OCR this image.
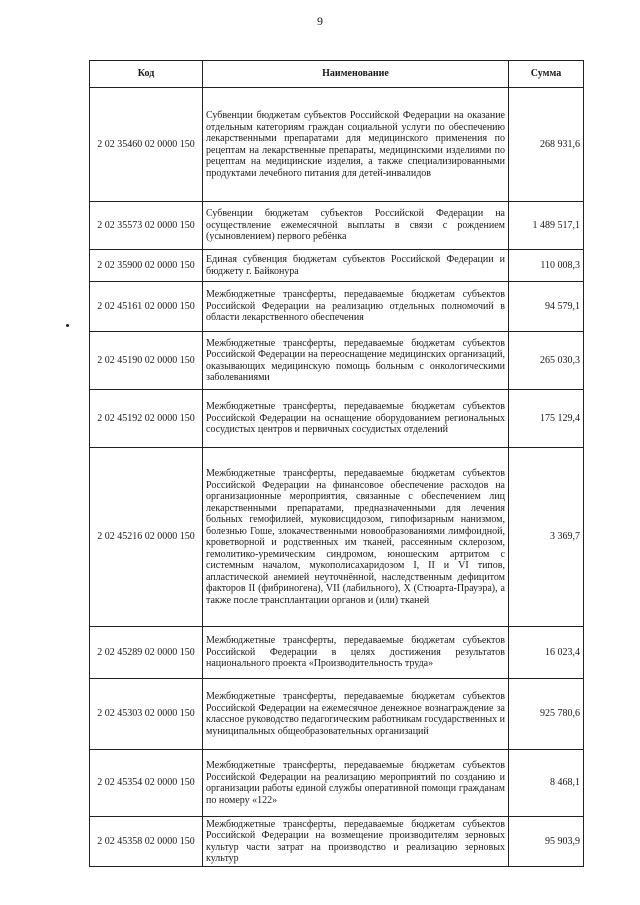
9
Код	Наименование	Сумма
2 02 35460 02 0000 150	Субвенции бюджетам субъектов Российской Федерации на оказание отдельным категориям граждан социальной услуги по обеспечению лекарственными препаратами для медицинского применения по рецептам на лекарственные препараты, медицинскими изделиями по рецептам на медицинские изделия, а также специализированными продуктами лечебного питания для детей-инвалидов	268 931,6
2 02 35573 02 0000 150	Субвенции бюджетам субъектов Российской Федерации на осуществление ежемесячной выплаты в связи с рождением (усыновлением) первого ребёнка	1 489 517,1
2 02 35900 02 0000 150	Единая субвенция бюджетам субъектов Российской Федерации и бюджету г. Байконура	110 008,3
2 02 45161 02 0000 150	Межбюджетные трансферты, передаваемые бюджетам субъектов Российской Федерации на реализацию отдельных полномочий в области лекарственного обеспечения	94 579,1
2 02 45190 02 0000 150	Межбюджетные трансферты, передаваемые бюджетам субъектов Российской Федерации на переоснащение медицинских организаций, оказывающих медицинскую помощь больным с онкологическими заболеваниями	265 030,3
2 02 45192 02 0000 150	Межбюджетные трансферты, передаваемые бюджетам субъектов Российской Федерации на оснащение оборудованием региональных сосудистых центров и первичных сосудистых отделений	175 129,4
2 02 45216 02 0000 150	Межбюджетные трансферты, передаваемые бюджетам субъектов Российской Федерации на финансовое обеспечение расходов на организационные мероприятия, связанные с обеспечением лиц лекарственными препаратами, предназначенными для лечения больных гемофилией, муковисцидозом, гипофизарным нанизмом, болезнью Гоше, злокачественными новообразованиями лимфоидной, кроветворной и родственных им тканей, рассеянным склерозом, гемолитико-уремическим синдромом, юношеским артритом с системным началом, мукополисахаридозом I, II и VI типов, апластической анемией неуточнённой, наследственным дефицитом факторов II (фибриногена), VII (лабильного), X (Стюарта-Прауэра), а также после трансплантации органов и (или) тканей	3 369,7
2 02 45289 02 0000 150	Межбюджетные трансферты, передаваемые бюджетам субъектов Российской Федерации в целях достижения результатов национального проекта «Производительность труда»	16 023,4
2 02 45303 02 0000 150	Межбюджетные трансферты, передаваемые бюджетам субъектов Российской Федерации на ежемесячное денежное вознаграждение за классное руководство педагогическим работникам государственных и муниципальных общеобразовательных организаций	925 780,6
2 02 45354 02 0000 150	Межбюджетные трансферты, передаваемые бюджетам субъектов Российской Федерации на реализацию мероприятий по созданию и организации работы единой службы оперативной помощи гражданам по номеру «122»	8 468,1
2 02 45358 02 0000 150	Межбюджетные трансферты, передаваемые бюджетам субъектов Российской Федерации на возмещение производителям зерновых культур части затрат на производство и реализацию зерновых культур	95 903,9
